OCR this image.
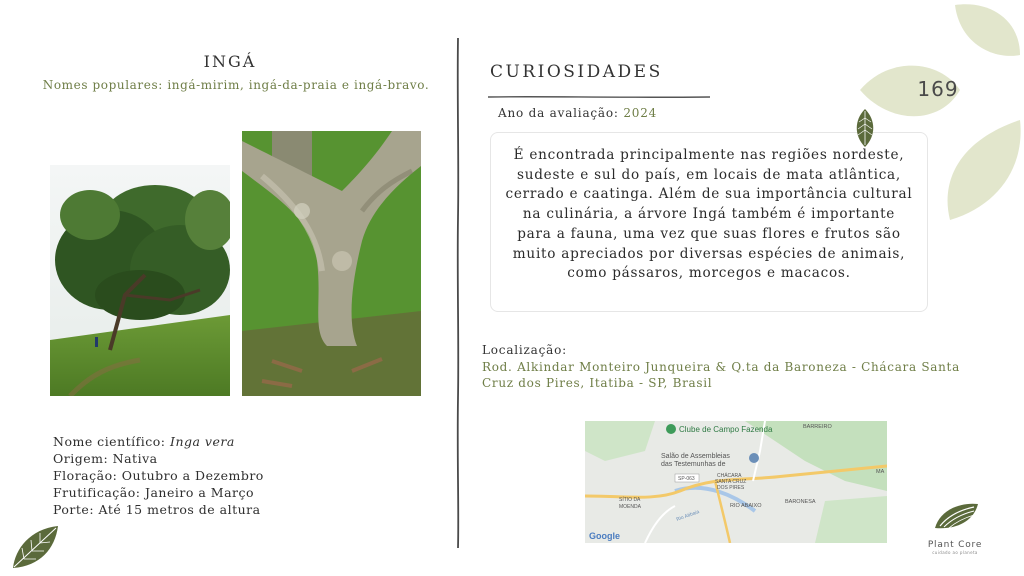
INGÁ
Nomes populares: ingá-mirim, ingá-da-praia e ingá-bravo.
Nome científico: Inga vera
Origem: Nativa
Floração: Outubro a Dezembro
Frutificação: Janeiro a Março
Porte: Até 15 metros de altura
CURIOSIDADES
Ano da avaliação: 2024
É encontrada principalmente nas regiões nordeste, sudeste e sul do país, em locais de mata atlântica, cerrado e caatinga. Além de sua importância cultural na culinária, a árvore Ingá também é importante para a fauna, uma vez que suas flores e frutos são muito apreciados por diversas espécies de animais, como pássaros, morcegos e macacos.
Localização:
Rod. Alkindar Monteiro Junqueira & Q.ta da Baroneza - Chácara Santa Cruz dos Pires, Itatiba - SP, Brasil
Clube de Campo Fazenda
Salão de Assembleias
das Testemunhas de
BARREIRO
SÍTIO DA
MOENDA
CHÁCARA
SANTA CRUZ
DOS PIRES
SP-063
RIO ABAIXO
BARONESA
Rio Atibaia
MA
Google
169
Plant Core
cuidado ao planeta
